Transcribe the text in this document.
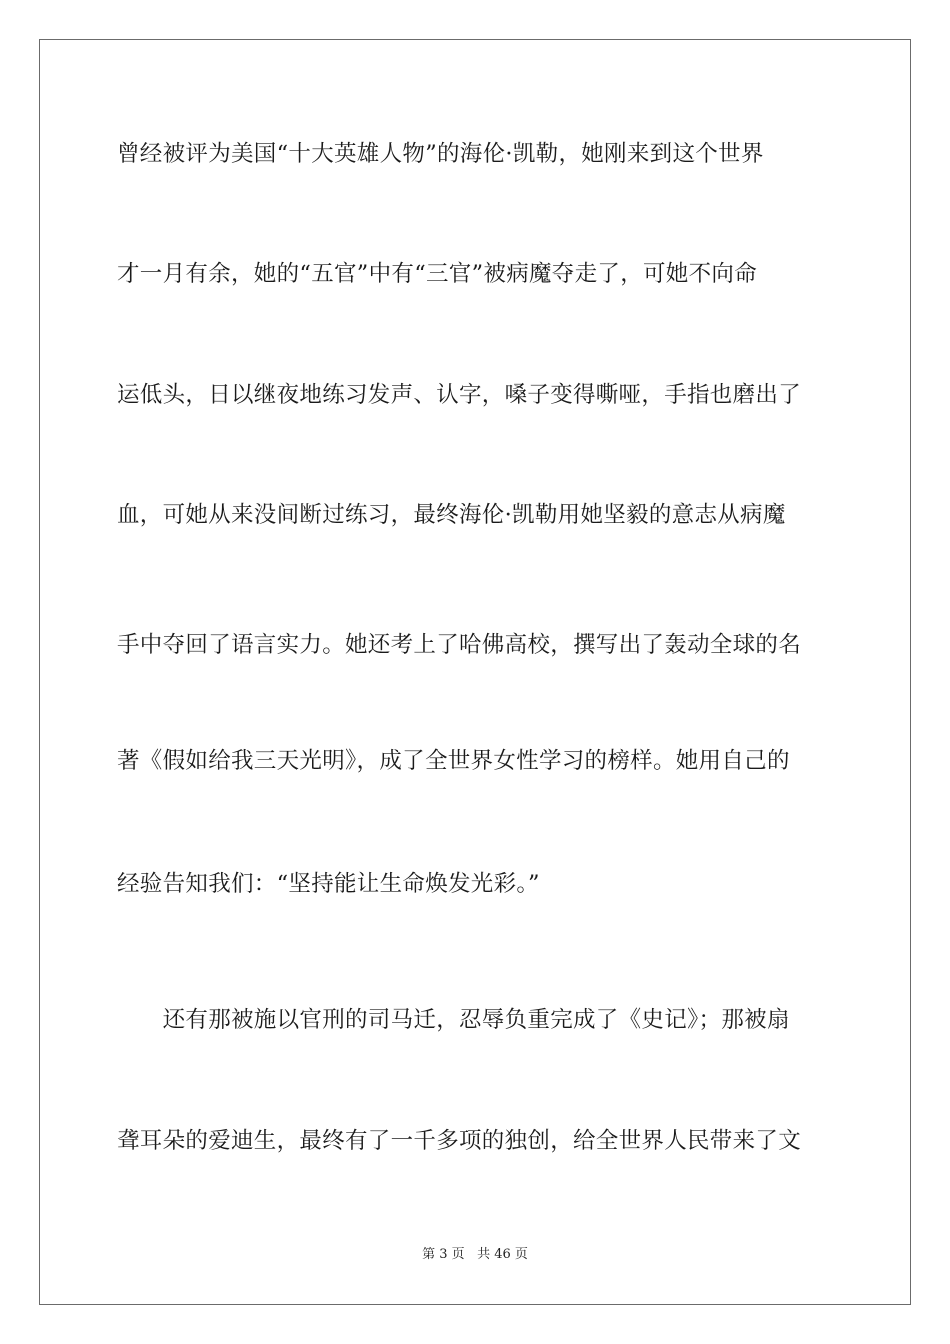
曾经被评为美国“十大英雄人物”的海伦·凯勒，她刚来到这个世界
才一月有余，她的“五官”中有“三官”被病魔夺走了，可她不向命
运低头，日以继夜地练习发声、认字，嗓子变得嘶哑，手指也磨出了
血，可她从来没间断过练习，最终海伦·凯勒用她坚毅的意志从病魔
手中夺回了语言实力。她还考上了哈佛高校，撰写出了轰动全球的名
著《假如给我三天光明》，成了全世界女性学习的榜样。她用自己的
经验告知我们：“坚持能让生命焕发光彩。”
　　还有那被施以官刑的司马迁，忍辱负重完成了《史记》；那被扇
聋耳朵的爱迪生，最终有了一千多项的独创，给全世界人民带来了文
第 3 页 共 46 页
